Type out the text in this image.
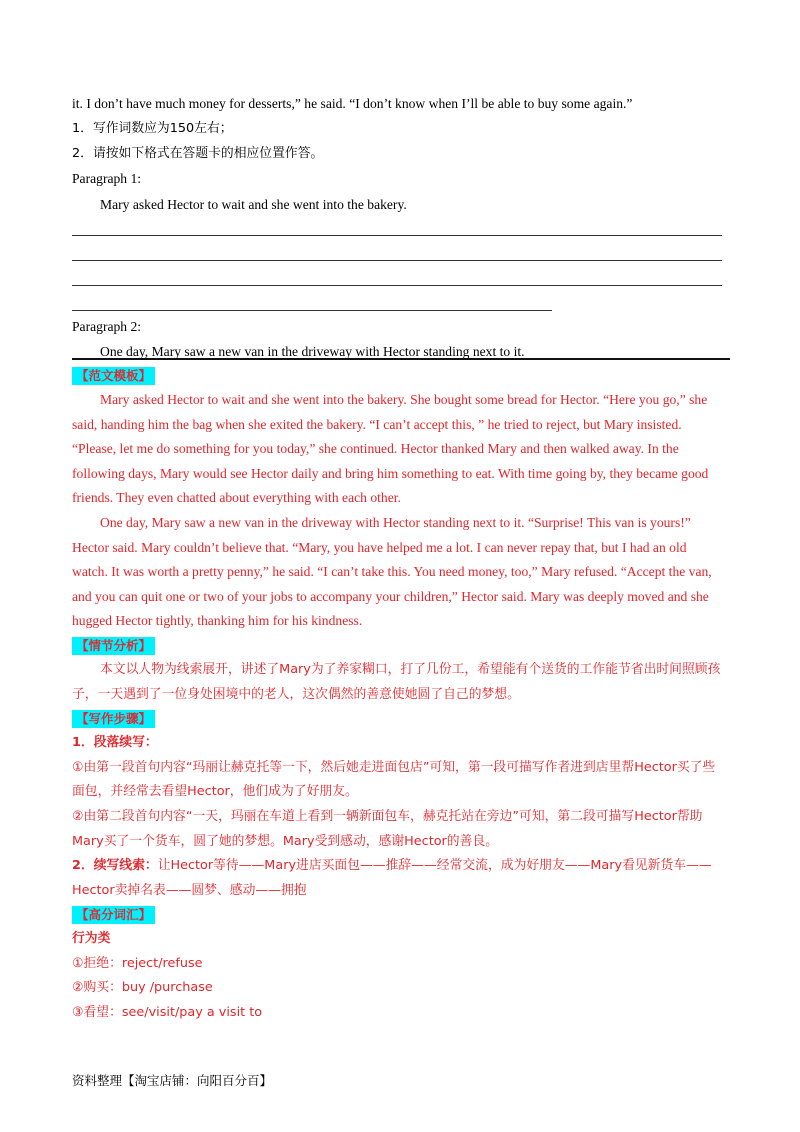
it. I don’t have much money for desserts,” he said. “I don’t know when I’ll be able to buy some again.”
1．写作词数应为150左右；
2．请按如下格式在答题卡的相应位置作答。
Paragraph 1:
Mary asked Hector to wait and she went into the bakery.
Paragraph 2:
One day, Mary saw a new van in the driveway with Hector standing next to it.
【范文模板】

Mary asked Hector to wait and she went into the bakery. She bought some bread for Hector. “Here you go,” she said, handing him the bag when she exited the bakery. “I can’t accept this, ” he tried to reject, but Mary insisted. “Please, let me do something for you today,” she continued. Hector thanked Mary and then walked away. In the following days, Mary would see Hector daily and bring him something to eat. With time going by, they became good friends. They even chatted about everything with each other.

One day, Mary saw a new van in the driveway with Hector standing next to it. “Surprise! This van is yours!” Hector said. Mary couldn’t believe that. “Mary, you have helped me a lot. I can never repay that, but I had an old watch. It was worth a pretty penny,” he said. “I can’t take this. You need money, too,” Mary refused. “Accept the van, and you can quit one or two of your jobs to accompany your children,” Hector said. Mary was deeply moved and she hugged Hector tightly, thanking him for his kindness.

【情节分析】

本文以人物为线索展开，讲述了Mary为了养家糊口，打了几份工，希望能有个送货的工作能节省出时间照顾孩子，一天遇到了一位身处困境中的老人，这次偶然的善意使她圆了自己的梦想。

【写作步骤】
1．段落续写：
①由第一段首句内容“玛丽让赫克托等一下，然后她走进面包店”可知，第一段可描写作者进到店里帮Hector买了些面包，并经常去看望Hector，他们成为了好朋友。
②由第二段首句内容“一天，玛丽在车道上看到一辆新面包车，赫克托站在旁边”可知，第二段可描写Hector帮助Mary买了一个货车，圆了她的梦想。Mary受到感动，感谢Hector的善良。
2．续写线索：让Hector等待——Mary进店买面包——推辞——经常交流，成为好朋友——Mary看见新货车——Hector卖掉名表——圆梦、感动——拥抱
【高分词汇】
行为类
①拒绝：reject/refuse
②购买：buy /purchase
③看望：see/visit/pay a visit to
资料整理【淘宝店铺：向阳百分百】
